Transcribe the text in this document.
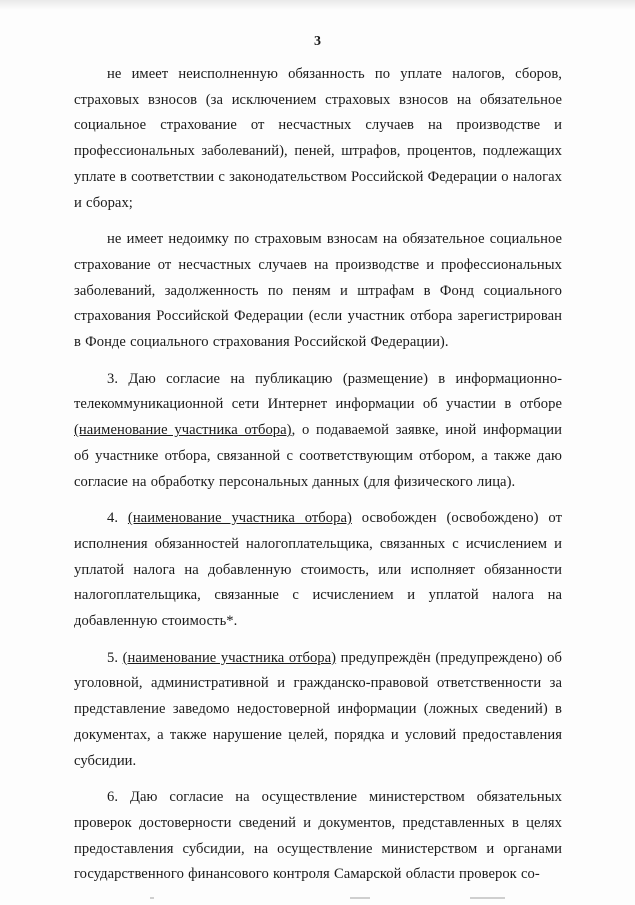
3

не имеет неисполненную обязанность по уплате налогов, сборов, страховых взносов (за исключением страховых взносов на обязательное социальное страхование от несчастных случаев на производстве и профессиональных заболеваний), пеней, штрафов, процентов, подлежащих уплате в соответствии с законодательством Российской Федерации о налогах и сборах;

не имеет недоимку по страховым взносам на обязательное социальное страхование от несчастных случаев на производстве и профессиональных заболеваний, задолженность по пеням и штрафам в Фонд социального страхования Российской Федерации (если участник отбора зарегистрирован в Фонде социального страхования Российской Федерации).

3. Даю согласие на публикацию (размещение) в информационно-телекоммуникационной сети Интернет информации об участии в отборе (наименование участника отбора), о подаваемой заявке, иной информации об участнике отбора, связанной с соответствующим отбором, а также даю согласие на обработку персональных данных (для физического лица).

4. (наименование участника отбора) освобожден (освобождено) от исполнения обязанностей налогоплательщика, связанных с исчислением и уплатой налога на добавленную стоимость, или исполняет обязанности налогоплательщика, связанные с исчислением и уплатой налога на добавленную стоимость*.

5. (наименование участника отбора) предупреждён (предупреждено) об уголовной, административной и гражданско-правовой ответственности за представление заведомо недостоверной информации (ложных сведений) в документах, а также нарушение целей, порядка и условий предоставления субсидии.

6. Даю согласие на осуществление министерством обязательных проверок достоверности сведений и документов, представленных в целях предоставления субсидии, на осуществление министерством и органами государственного финансового контроля Самарской области проверок со-
